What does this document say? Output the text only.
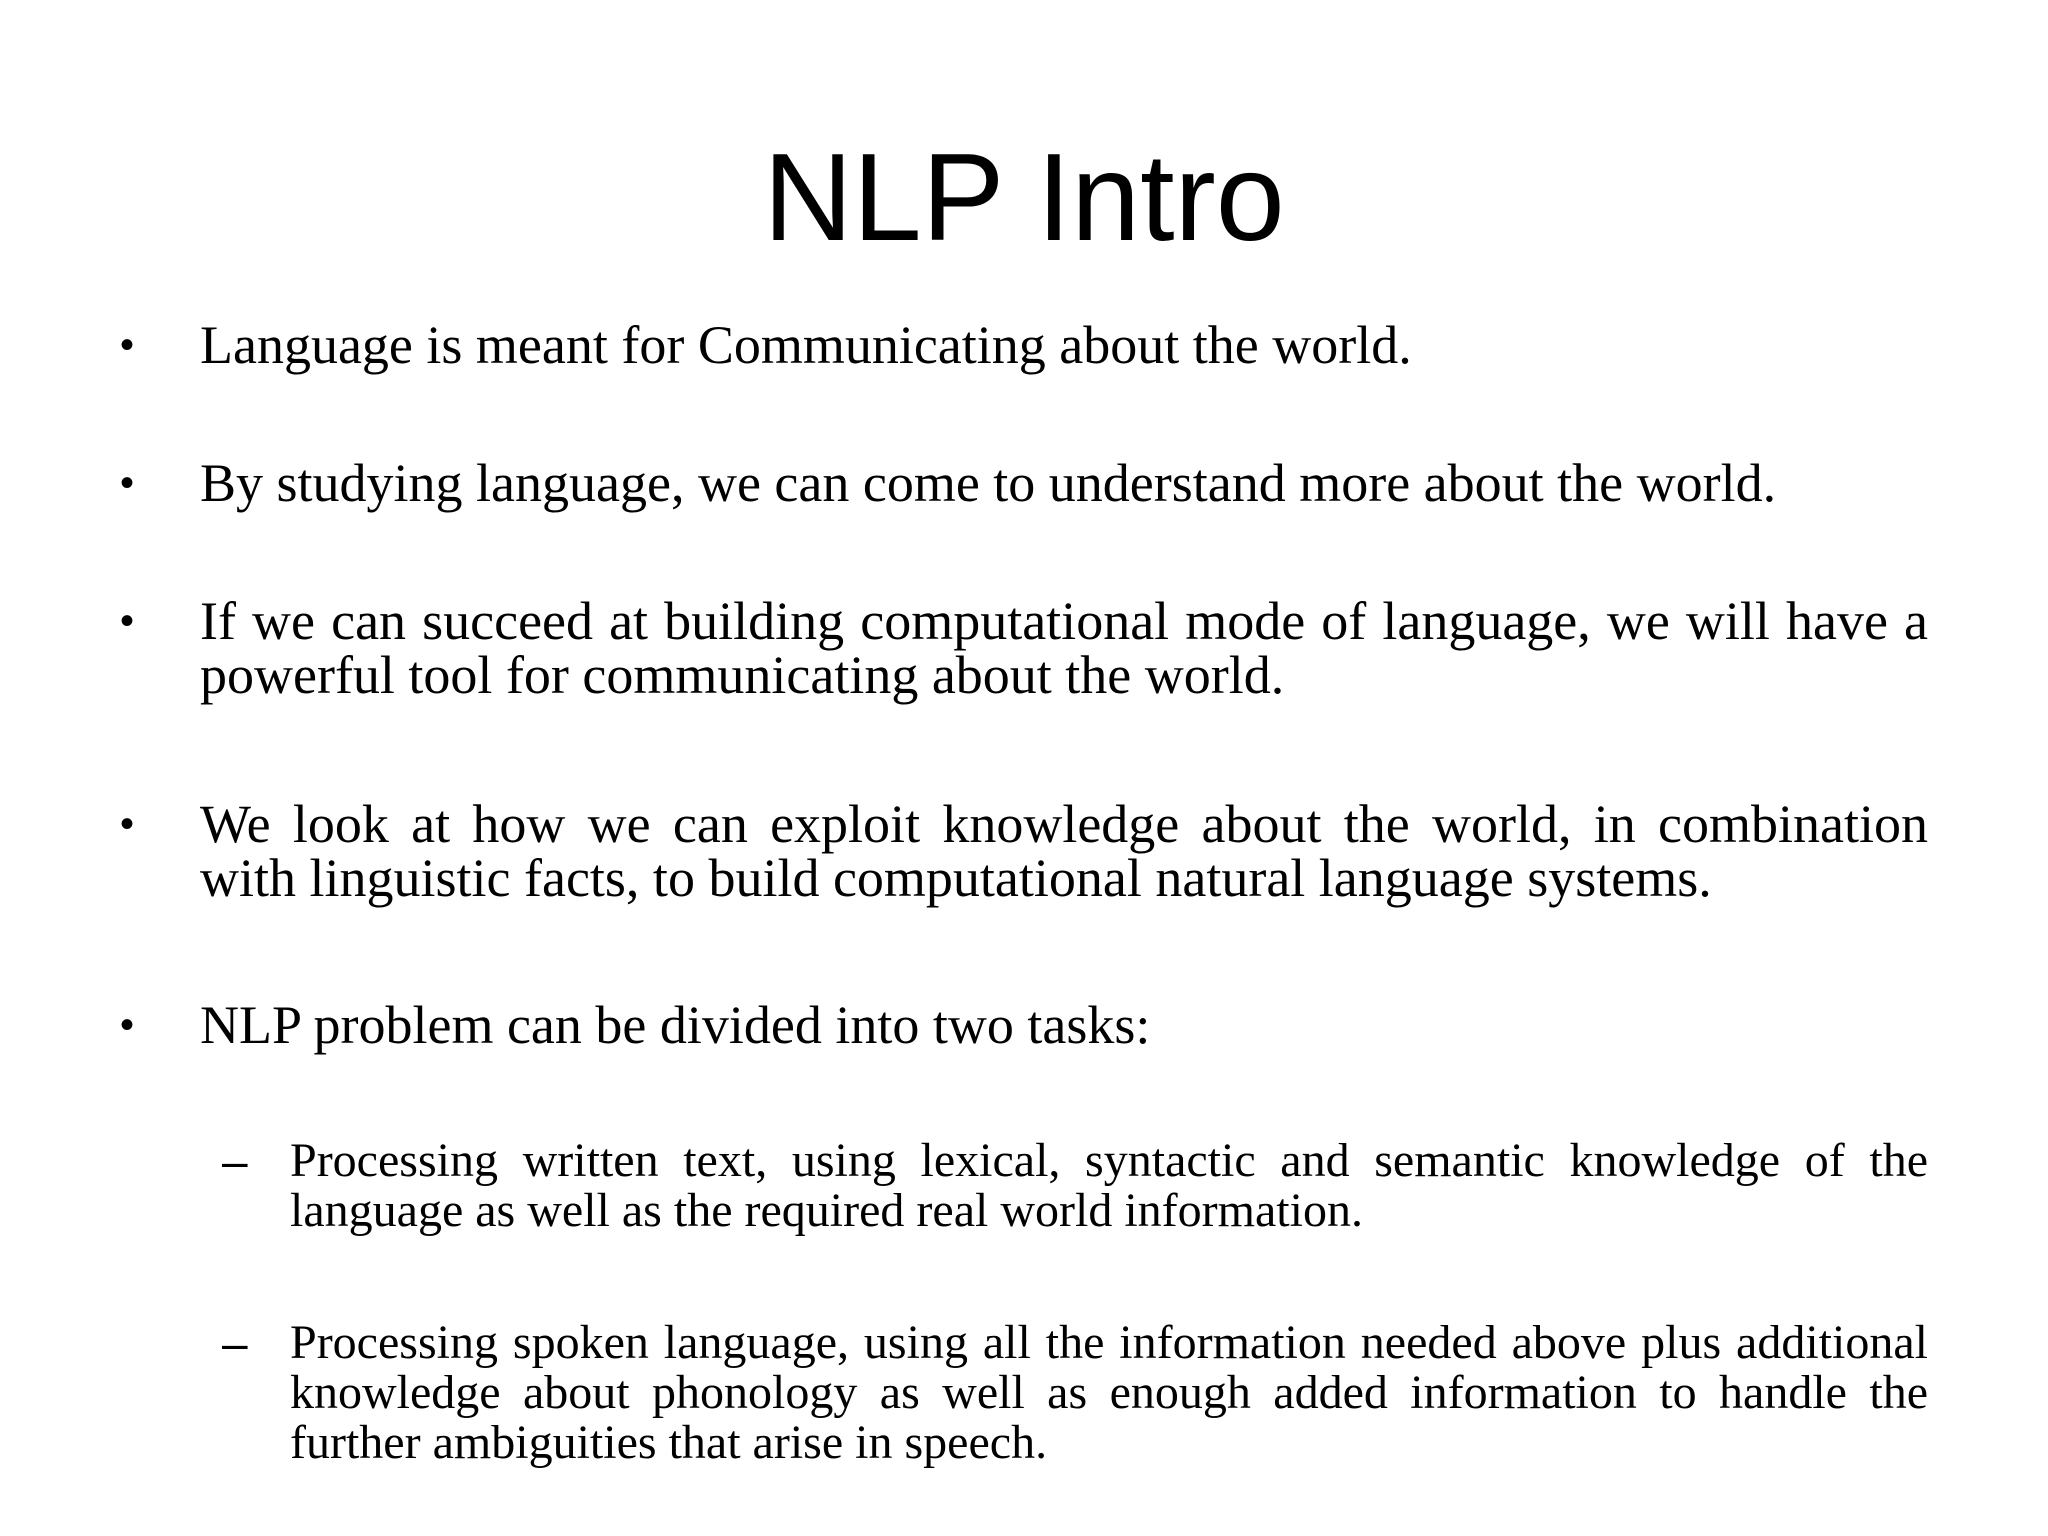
NLP Intro
• Language is meant for Communicating about the world.
• By studying language, we can come to understand more about the world.
• If we can succeed at building computational mode of language, we will have a powerful tool for communicating about the world.
• We look at how we can exploit knowledge about the world, in combination with linguistic facts, to build computational natural language systems.
• NLP problem can be divided into two tasks:
– Processing written text, using lexical, syntactic and semantic knowledge of the language as well as the required real world information.
– Processing spoken language, using all the information needed above plus additional knowledge about phonology as well as enough added information to handle the further ambiguities that arise in speech.
